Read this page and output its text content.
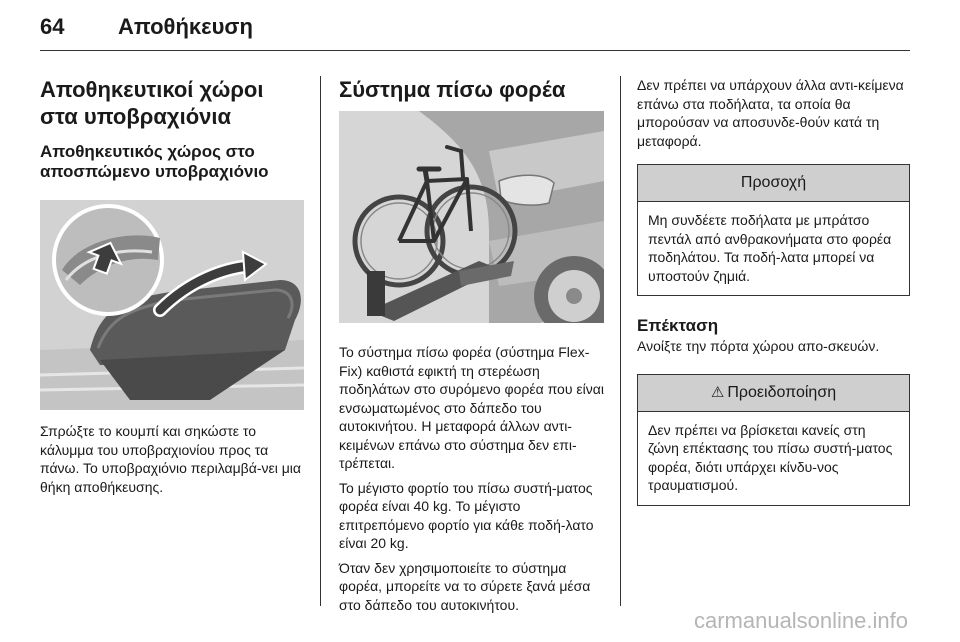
64 Αποθήκευση
Αποθηκευτικοί χώροι στα υποβραχιόνια
Αποθηκευτικός χώρος στο αποσπώμενο υποβραχιόνιο

Σπρώξτε το κουμπί και σηκώστε το κάλυμμα του υποβραχιονίου προς τα πάνω. Το υποβραχιόνιο περιλαμβά-νει μια θήκη αποθήκευσης.

Σύστημα πίσω φορέα

Το σύστημα πίσω φορέα (σύστημα Flex-Fix) καθιστά εφικτή τη στερέωση ποδηλάτων στο συρόμενο φορέα που είναι ενσωματωμένος στο δάπεδο του αυτοκινήτου. Η μεταφορά άλλων αντι-κειμένων επάνω στο σύστημα δεν επι-τρέπεται.

Το μέγιστο φορτίο του πίσω συστή-ματος φορέα είναι 40 kg. Το μέγιστο επιτρεπόμενο φορτίο για κάθε ποδή-λατο είναι 20 kg.

Όταν δεν χρησιμοποιείτε το σύστημα φορέα, μπορείτε να το σύρετε ξανά μέσα στο δάπεδο του αυτοκινήτου.

Δεν πρέπει να υπάρχουν άλλα αντι-κείμενα επάνω στα ποδήλατα, τα οποία θα μπορούσαν να αποσυνδε-θούν κατά τη μεταφορά.

Προσοχή

Μη συνδέετε ποδήλατα με μπράτσο πεντάλ από ανθρακονήματα στο φορέα ποδηλάτου. Τα ποδή-λατα μπορεί να υποστούν ζημιά.

Επέκταση

Ανοίξτε την πόρτα χώρου απο-σκευών.

⚠ Προειδοποίηση

Δεν πρέπει να βρίσκεται κανείς στη ζώνη επέκτασης του πίσω συστή-ματος φορέα, διότι υπάρχει κίνδυ-νος τραυματισμού.

carmanualsonline.info
